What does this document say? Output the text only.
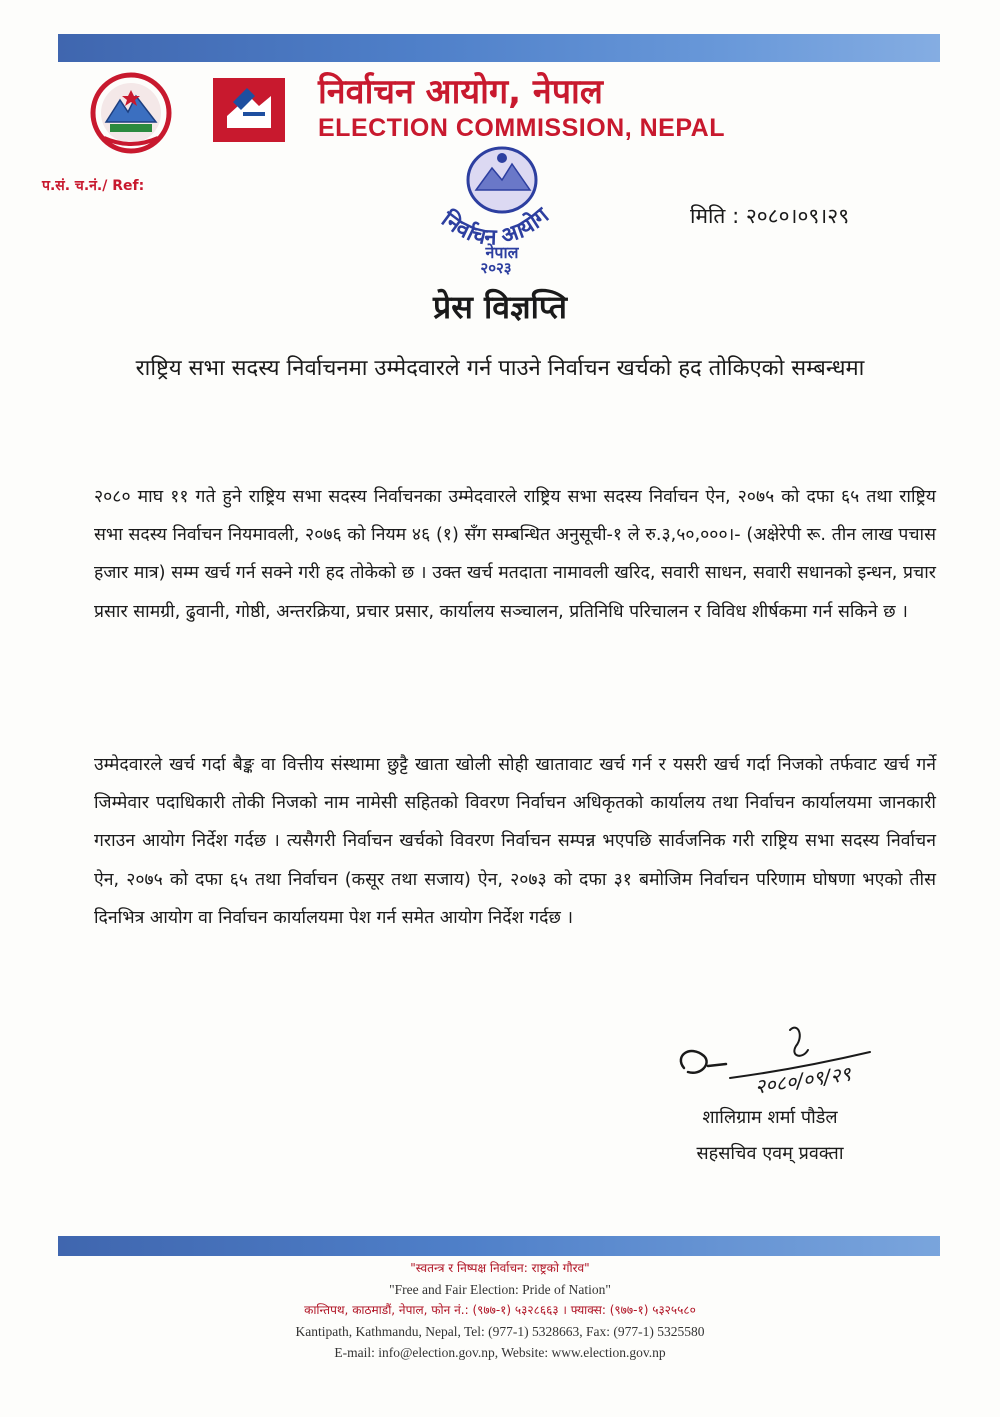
निर्वाचन आयोग, नेपाल
ELECTION COMMISSION, NEPAL
प.सं. च.नं./ Ref:
निर्वाचन आयोग
नेपाल
२०२३
मिति : २०८०।०९।२९
प्रेस विज्ञप्ति
राष्ट्रिय सभा सदस्य निर्वाचनमा उम्मेदवारले गर्न पाउने निर्वाचन खर्चको हद तोकिएको सम्बन्धमा
२०८० माघ ११ गते हुने राष्ट्रिय सभा सदस्य निर्वाचनका उम्मेदवारले राष्ट्रिय सभा सदस्य निर्वाचन ऐन, २०७५ को दफा ६५ तथा राष्ट्रिय सभा सदस्य निर्वाचन नियमावली, २०७६ को नियम ४६ (१) सँग सम्बन्धित अनुसूची-१ ले रु.३,५०,०००।- (अक्षेरेपी रू. तीन लाख पचास हजार मात्र) सम्म खर्च गर्न सक्ने गरी हद तोकेको छ । उक्त खर्च मतदाता नामावली खरिद, सवारी साधन, सवारी सधानको इन्धन, प्रचार प्रसार सामग्री, ढुवानी, गोष्ठी, अन्तरक्रिया, प्रचार प्रसार, कार्यालय सञ्चालन, प्रतिनिधि परिचालन र विविध शीर्षकमा गर्न सकिने छ ।
उम्मेदवारले खर्च गर्दा बैङ्क वा वित्तीय संस्थामा छुट्टै खाता खोली सोही खातावाट खर्च गर्न र यसरी खर्च गर्दा निजको तर्फवाट खर्च गर्ने जिम्मेवार पदाधिकारी तोकी निजको नाम नामेसी सहितको विवरण निर्वाचन अधिकृतको कार्यालय तथा निर्वाचन कार्यालयमा जानकारी गराउन आयोग निर्देश गर्दछ । त्यसैगरी निर्वाचन खर्चको विवरण निर्वाचन सम्पन्न भएपछि सार्वजनिक गरी राष्ट्रिय सभा सदस्य निर्वाचन ऐन, २०७५ को दफा ६५ तथा निर्वाचन (कसूर तथा सजाय) ऐन, २०७३ को दफा ३१ बमोजिम निर्वाचन परिणाम घोषणा भएको तीस दिनभित्र आयोग वा निर्वाचन कार्यालयमा पेश गर्न समेत आयोग निर्देश गर्दछ ।
२०८०/०९/२९
शालिग्राम शर्मा पौडेल
सहसचिव एवम् प्रवक्ता
"स्वतन्त्र र निष्पक्ष निर्वाचन: राष्ट्रको गौरव"
"Free and Fair Election: Pride of Nation"
कान्तिपथ, काठमाडौं, नेपाल, फोन नं.: (९७७-१) ५३२८६६३ । फ्याक्स: (९७७-१) ५३२५५८०
Kantipath, Kathmandu, Nepal, Tel: (977-1) 5328663, Fax: (977-1) 5325580
E-mail: info@election.gov.np, Website: www.election.gov.np
